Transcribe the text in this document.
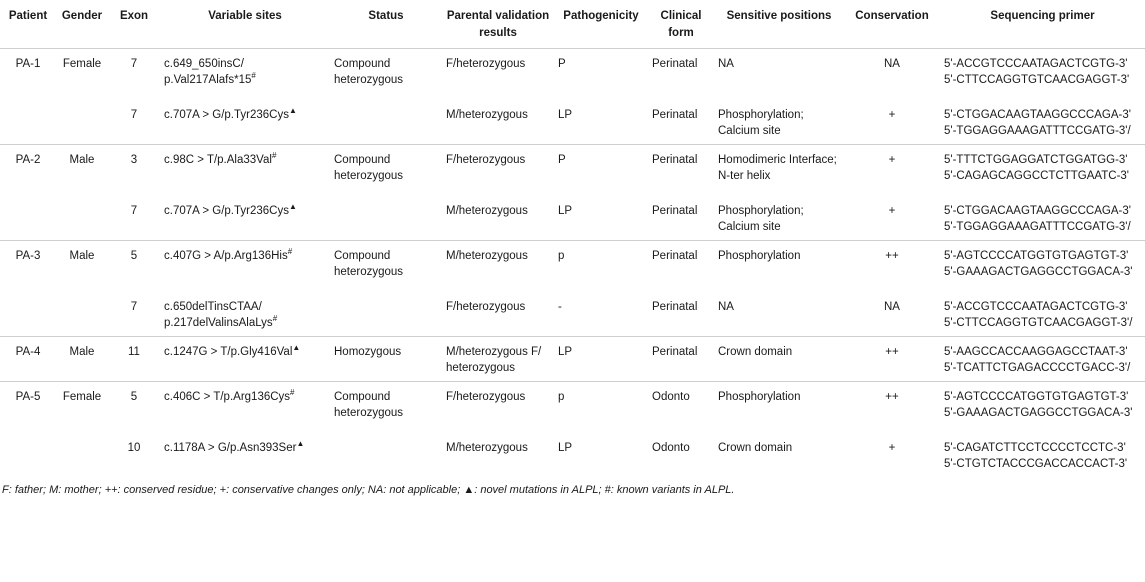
Patient	Gender	Exon	Variable sites	Status	Parental validation results	Pathogenicity	Clinical form	Sensitive positions	Conservation	Sequencing primer
PA-1	Female	7	c.649_650insC/ p.Val217Alafs*15#	Compound heterozygous	F/heterozygous	P	Perinatal	NA	NA	5'-ACCGTCCCAATAGACTCGTG-3' 5'-CTTCCAGGTGTCAACGAGGT-3'
		7	c.707A > G/p.Tyr236Cys▲		M/heterozygous	LP	Perinatal	Phosphorylation; Calcium site	+	5'-CTGGACAAGTAAGGCCCAGA-3' 5'-TGGAGGAAAGATTTCCGATG-3'/
PA-2	Male	3	c.98C > T/p.Ala33Val#	Compound heterozygous	F/heterozygous	P	Perinatal	Homodimeric Interface; N-ter helix	+	5'-TTTCTGGAGGATCTGGATGG-3' 5'-CAGAGCAGGCCTCTTGAATC-3'
		7	c.707A > G/p.Tyr236Cys▲		M/heterozygous	LP	Perinatal	Phosphorylation; Calcium site	+	5'-CTGGACAAGTAAGGCCCAGA-3' 5'-TGGAGGAAAGATTTCCGATG-3'/
PA-3	Male	5	c.407G > A/p.Arg136His#	Compound heterozygous	M/heterozygous	p	Perinatal	Phosphorylation	++	5'-AGTCCCCATGGTGTGAGTGT-3' 5'-GAAAGACTGAGGCCTGGACA-3'
		7	c.650delTinsCTAA/ p.217delValinsAlaLys#		F/heterozygous	-	Perinatal	NA	NA	5'-ACCGTCCCAATAGACTCGTG-3' 5'-CTTCCAGGTGTCAACGAGGT-3'/
PA-4	Male	11	c.1247G > T/p.Gly416Val▲	Homozygous	M/heterozygous F/ heterozygous	LP	Perinatal	Crown domain	++	5'-AAGCCACCAAGGAGCCTAAT-3' 5'-TCATTCTGAGACCCCTGACC-3'/
PA-5	Female	5	c.406C > T/p.Arg136Cys#	Compound heterozygous	F/heterozygous	p	Odonto	Phosphorylation	++	5'-AGTCCCCATGGTGTGAGTGT-3' 5'-GAAAGACTGAGGCCTGGACA-3'
		10	c.1178A > G/p.Asn393Ser▲		M/heterozygous	LP	Odonto	Crown domain	+	5'-CAGATCTTCCTCCCCTCCTC-3' 5'-CTGTCTACCCGACCACCACT-3'
F: father; M: mother; ++: conserved residue; +: conservative changes only; NA: not applicable; ▲: novel mutations in ALPL; #: known variants in ALPL.										
